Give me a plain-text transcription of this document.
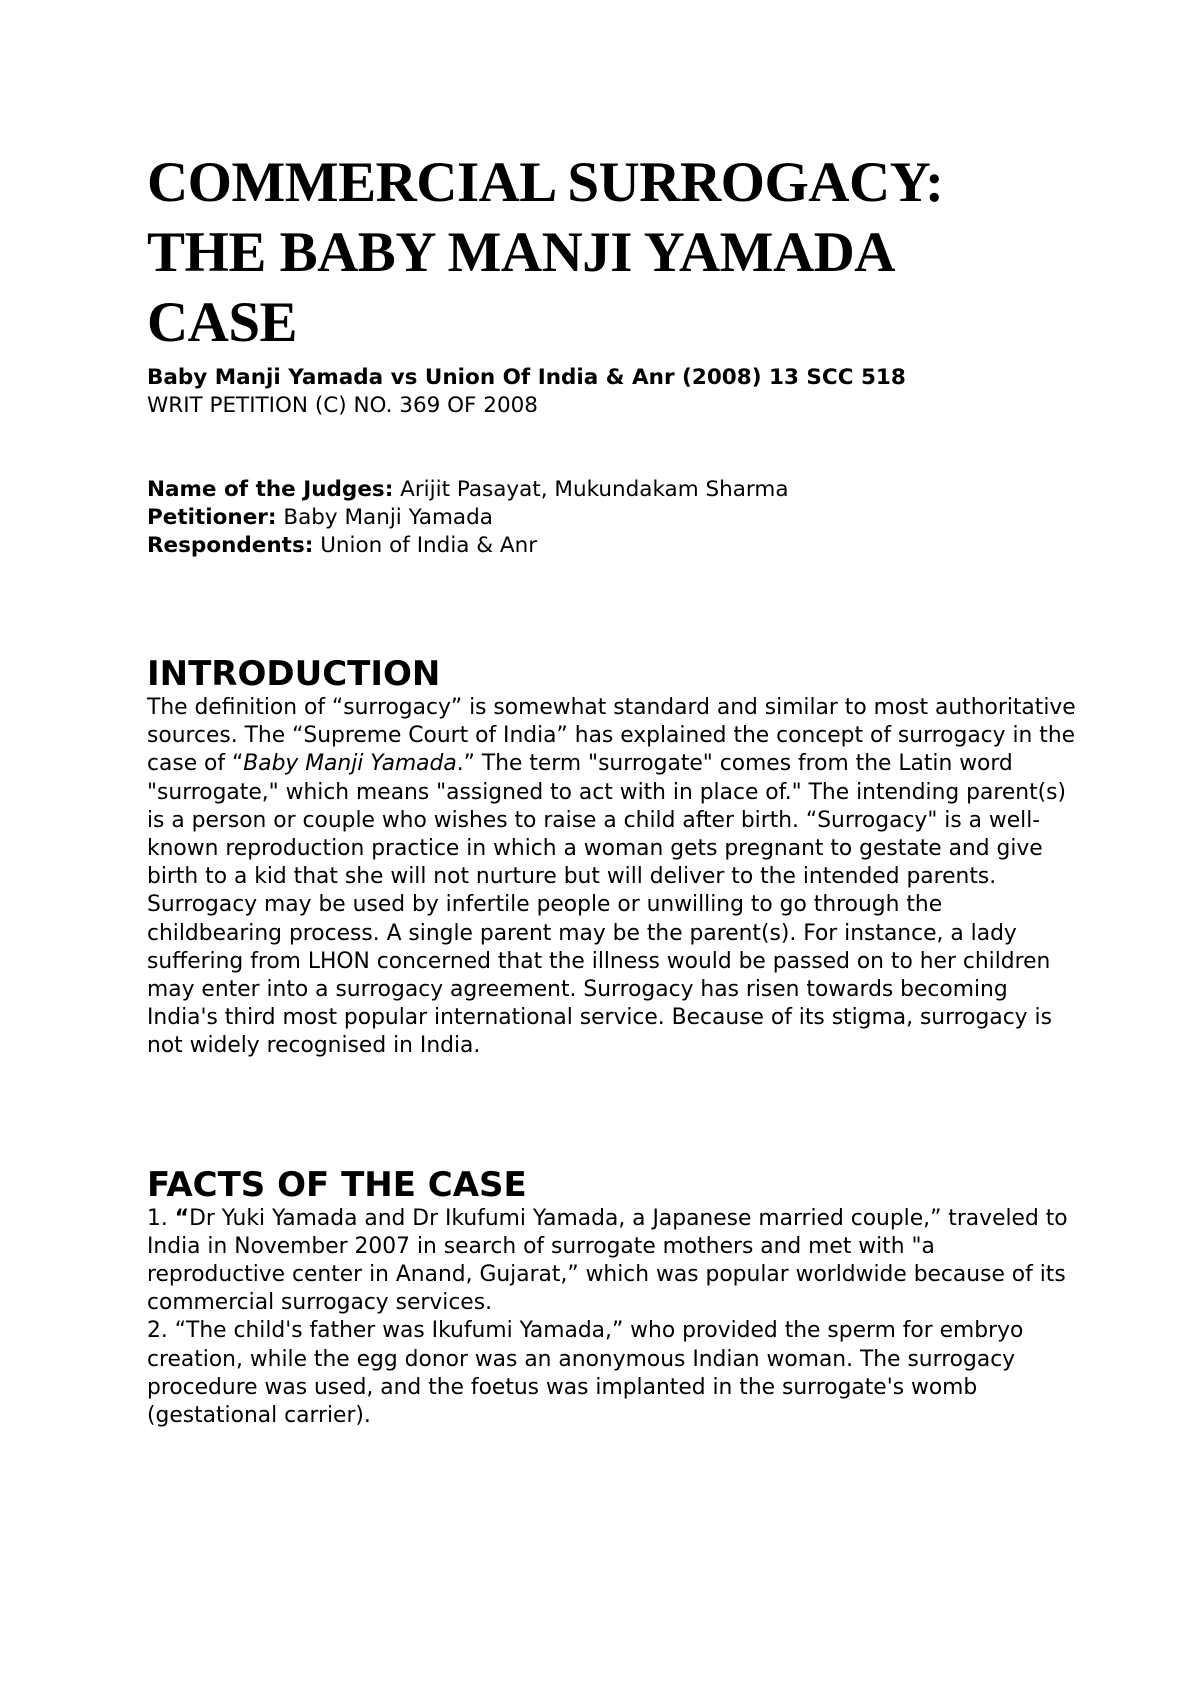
COMMERCIAL SURROGACY:
THE BABY MANJI YAMADA
CASE

Baby Manji Yamada vs Union Of India & Anr (2008) 13 SCC 518

WRIT PETITION (C) NO. 369 OF 2008

Name of the Judges: Arijit Pasayat, Mukundakam Sharma

Petitioner: Baby Manji Yamada

Respondents: Union of India & Anr

INTRODUCTION

The definition of “surrogacy” is somewhat standard and similar to most authoritative sources. The “Supreme Court of India” has explained the concept of surrogacy in the case of “Baby Manji Yamada.” The term "surrogate" comes from the Latin word "surrogate," which means "assigned to act with in place of." The intending parent(s) is a person or couple who wishes to raise a child after birth. “Surrogacy" is a well-known reproduction practice in which a woman gets pregnant to gestate and give birth to a kid that she will not nurture but will deliver to the intended parents. Surrogacy may be used by infertile people or unwilling to go through the childbearing process. A single parent may be the parent(s). For instance, a lady suffering from LHON concerned that the illness would be passed on to her children may enter into a surrogacy agreement. Surrogacy has risen towards becoming India's third most popular international service. Because of its stigma, surrogacy is not widely recognised in India.

FACTS OF THE CASE

1. “Dr Yuki Yamada and Dr Ikufumi Yamada, a Japanese married couple,” traveled to India in November 2007 in search of surrogate mothers and met with "a reproductive center in Anand, Gujarat,” which was popular worldwide because of its commercial surrogacy services.

2. “The child's father was Ikufumi Yamada,” who provided the sperm for embryo creation, while the egg donor was an anonymous Indian woman. The surrogacy procedure was used, and the foetus was implanted in the surrogate's womb (gestational carrier).
